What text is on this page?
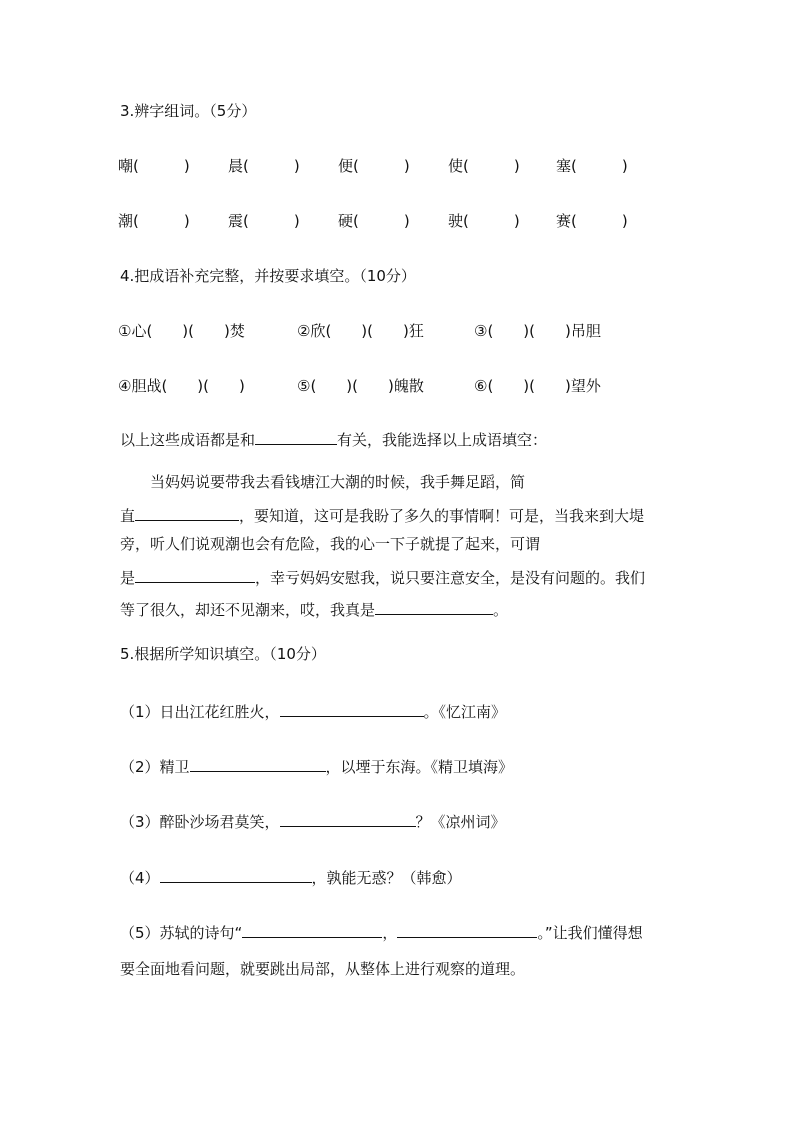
3.辨字组词。（5分）
嘲(　　　)	晨(　　　)	便(　　　)	使(　　　) 塞(　　　)
潮(　　　)	震(　　　)	硬(　　　)	驶(　　　) 赛(　　　)
4.把成语补充完整，并按要求填空。（10分）
①心(　　)(　　)焚	②欣(　　)(　　)狂	③(　　)(　　)吊胆
④胆战(　　)(　　)	⑤(　　)(　　)魄散	⑥(　　)(　　)望外
以上这些成语都是和	有关，我能选择以上成语填空：
当妈妈说要带我去看钱塘江大潮的时候，我手舞足蹈，简
直	，要知道，这可是我盼了多久的事情啊！可是，当我来到大堤
旁，听人们说观潮也会有危险，我的心一下子就提了起来，可谓
是	，幸亏妈妈安慰我，说只要注意安全，是没有问题的。我们
等了很久，却还不见潮来，哎，我真是	。
5.根据所学知识填空。（10分）
（1）日出江花红胜火，	。《忆江南》
（2）精卫	，以堙于东海。《精卫填海》
（3）醉卧沙场君莫笑，	？《凉州词》
（4）	，孰能无惑？（韩愈）
（5）苏轼的诗句“	，	。”让我们懂得想
要全面地看问题，就要跳出局部，从整体上进行观察的道理。
